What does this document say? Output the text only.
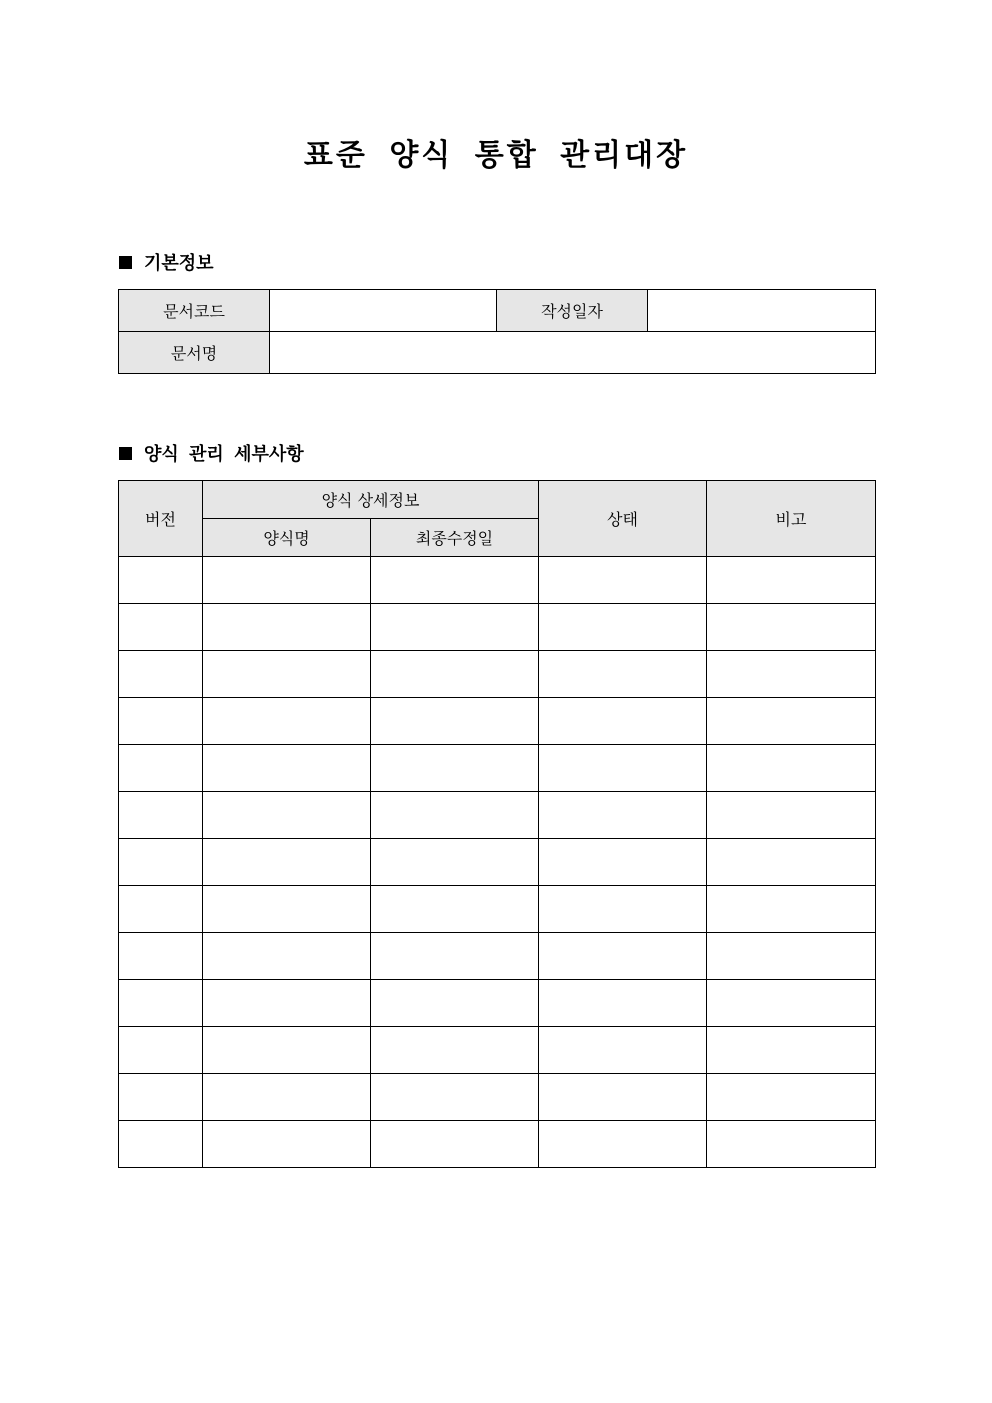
표준 양식 통합 관리대장
기본정보
문서코드		작성일자	
문서명			
양식 관리 세부사항
버전	양식 상세정보		상태	비고
	양식명	최종수정일		
